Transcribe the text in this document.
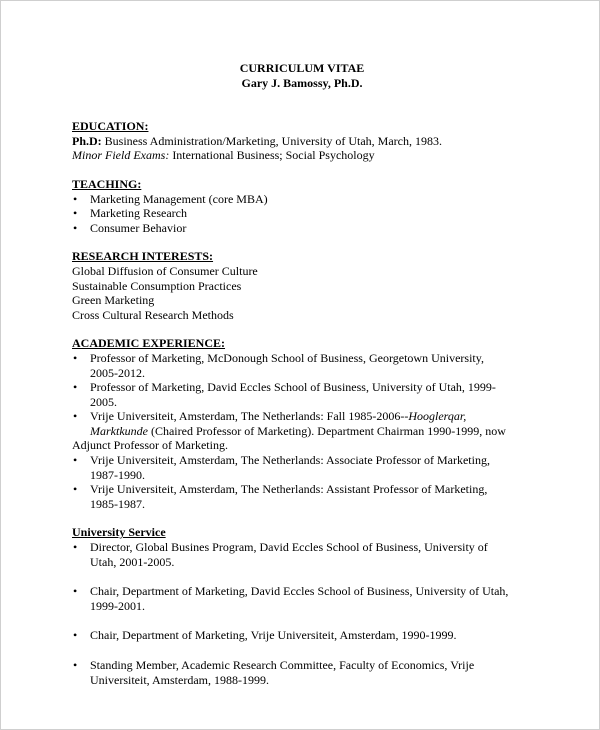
CURRICULUM VITAE
Gary J. Bamossy, Ph.D.
EDUCATION:
Ph.D: Business Administration/Marketing, University of Utah, March, 1983.
Minor Field Exams: International Business; Social Psychology
TEACHING:
• Marketing Management (core MBA)
• Marketing Research
• Consumer Behavior
RESEARCH INTERESTS:
Global Diffusion of Consumer Culture
Sustainable Consumption Practices
Green Marketing
Cross Cultural Research Methods
ACADEMIC EXPERIENCE:
• Professor of Marketing, McDonough School of Business, Georgetown University,
2005-2012.
• Professor of Marketing, David Eccles School of Business, University of Utah, 1999-
2005.
• Vrije Universiteit, Amsterdam, The Netherlands: Fall 1985-2006--Hooglerqar,
Marktkunde (Chaired Professor of Marketing). Department Chairman 1990-1999, now
Adjunct Professor of Marketing.
• Vrije Universiteit, Amsterdam, The Netherlands: Associate Professor of Marketing,
1987-1990.
• Vrije Universiteit, Amsterdam, The Netherlands: Assistant Professor of Marketing,
1985-1987.
University Service
• Director, Global Busines Program, David Eccles School of Business, University of
Utah, 2001-2005.
• Chair, Department of Marketing, David Eccles School of Business, University of Utah,
1999-2001.
• Chair, Department of Marketing, Vrije Universiteit, Amsterdam, 1990-1999.
• Standing Member, Academic Research Committee, Faculty of Economics, Vrije
Universiteit, Amsterdam, 1988-1999.
